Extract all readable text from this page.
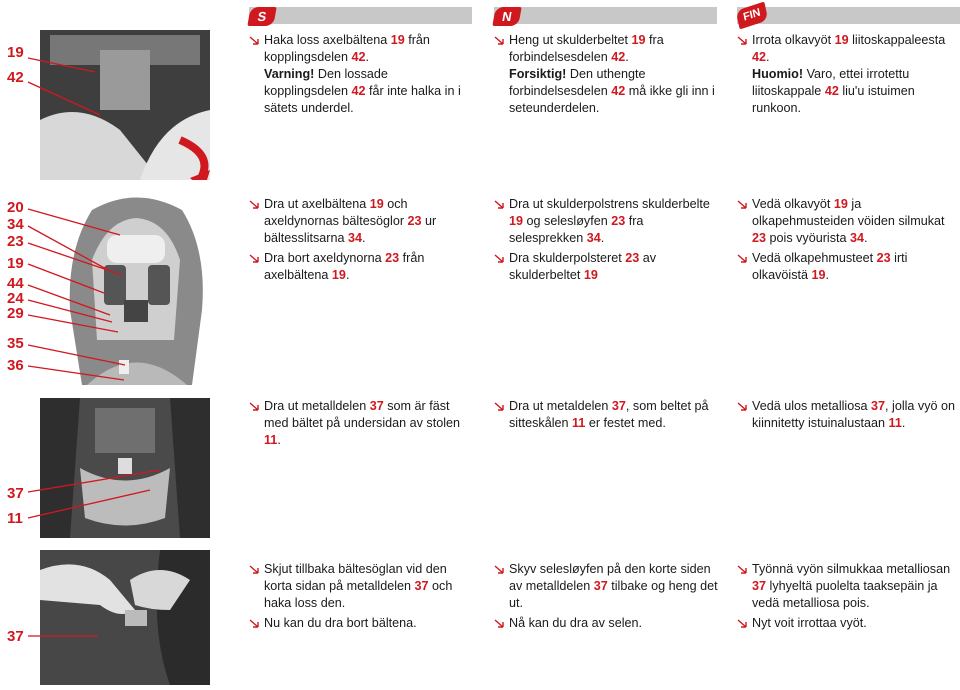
S	N	FIN
19
42
20
34
23
19
44
24
29
35
36
37
11
37
Haka loss axelbältena 19 från kopplingsdelen 42.
Varning! Den lossade kopplingsdelen 42 får inte halka in i sätets underdel.
Heng ut skulderbeltet 19 fra forbindelsesdelen 42.
Forsiktig! Den uthengte forbindelsesdelen 42 må ikke gli inn i seteunderdelen.
Irrota olkavyöt 19 liitoskappaleesta 42.
Huomio! Varo, ettei irrotettu liitoskappale 42 liu'u istuimen runkoon.
Dra ut axelbältena 19 och axeldynornas bältesöglor 23 ur bältesslitsarna 34.
Dra bort axeldynorna 23 från axelbältena 19.
Dra ut skulderpolstrens skulderbelte 19 og selesløyfen 23 fra selesprekken 34.
Dra skulderpolsteret 23 av skulderbeltet 19
Vedä olkavyöt 19 ja olkapehmusteiden vöiden silmukat 23 pois vyöurista 34.
Vedä olkapehmusteet 23 irti olkavöistä 19.
Dra ut metalldelen 37 som är fäst med bältet på undersidan av stolen 11.
Dra ut metaldelen 37, som beltet på sitteskålen 11 er festet med.
Vedä ulos metalliosa 37, jolla vyö on kiinnitetty istuinalustaan 11.
Skjut tillbaka bältesöglan vid den korta sidan på metalldelen 37 och haka loss den.
Nu kan du dra bort bältena.
Skyv selesløyfen på den korte siden av metalldelen 37 tilbake og heng det ut.
Nå kan du dra av selen.
Työnnä vyön silmukkaa metalliosan 37 lyhyeltä puolelta taaksepäin ja vedä metalliosa pois.
Nyt voit irrottaa vyöt.
